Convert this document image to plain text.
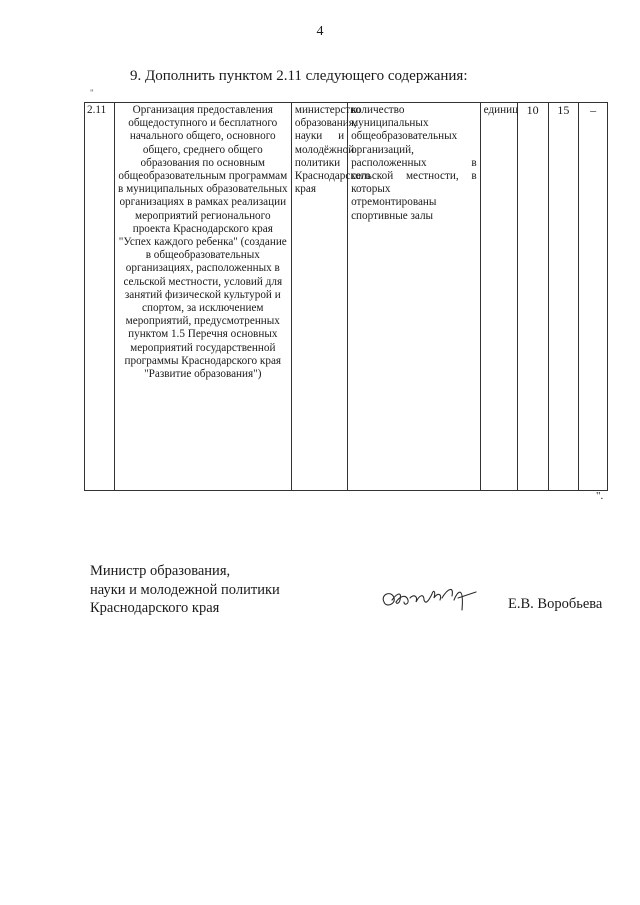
4
9. Дополнить пунктом 2.11 следующего содержания:
"
2.11	Организация предоставления общедоступного и бесплатного начального общего, основного общего, среднего общего образования по основным общеобразовательным программам в муниципальных образовательных организациях в рамках реализации мероприятий регионального проекта Краснодарского края "Успех каждого ребенка" (создание в общеобразовательных организациях, расположенных в сельской местности, условий для занятий физической культурой и спортом, за исключением мероприятий, предусмотренных пунктом 1.5 Перечня основных мероприятий государственной программы Краснодарского края "Развитие образования")	министерство образования, науки и молодёжной политики Краснодарского края	количество муниципальных общеобразовательных организаций, расположенных в сельской местности, в которых отремонтированы спортивные залы	единиц	10	15	–
".
Министр образования,
науки и молодежной политики
Краснодарского края	Е.В. Воробьева
